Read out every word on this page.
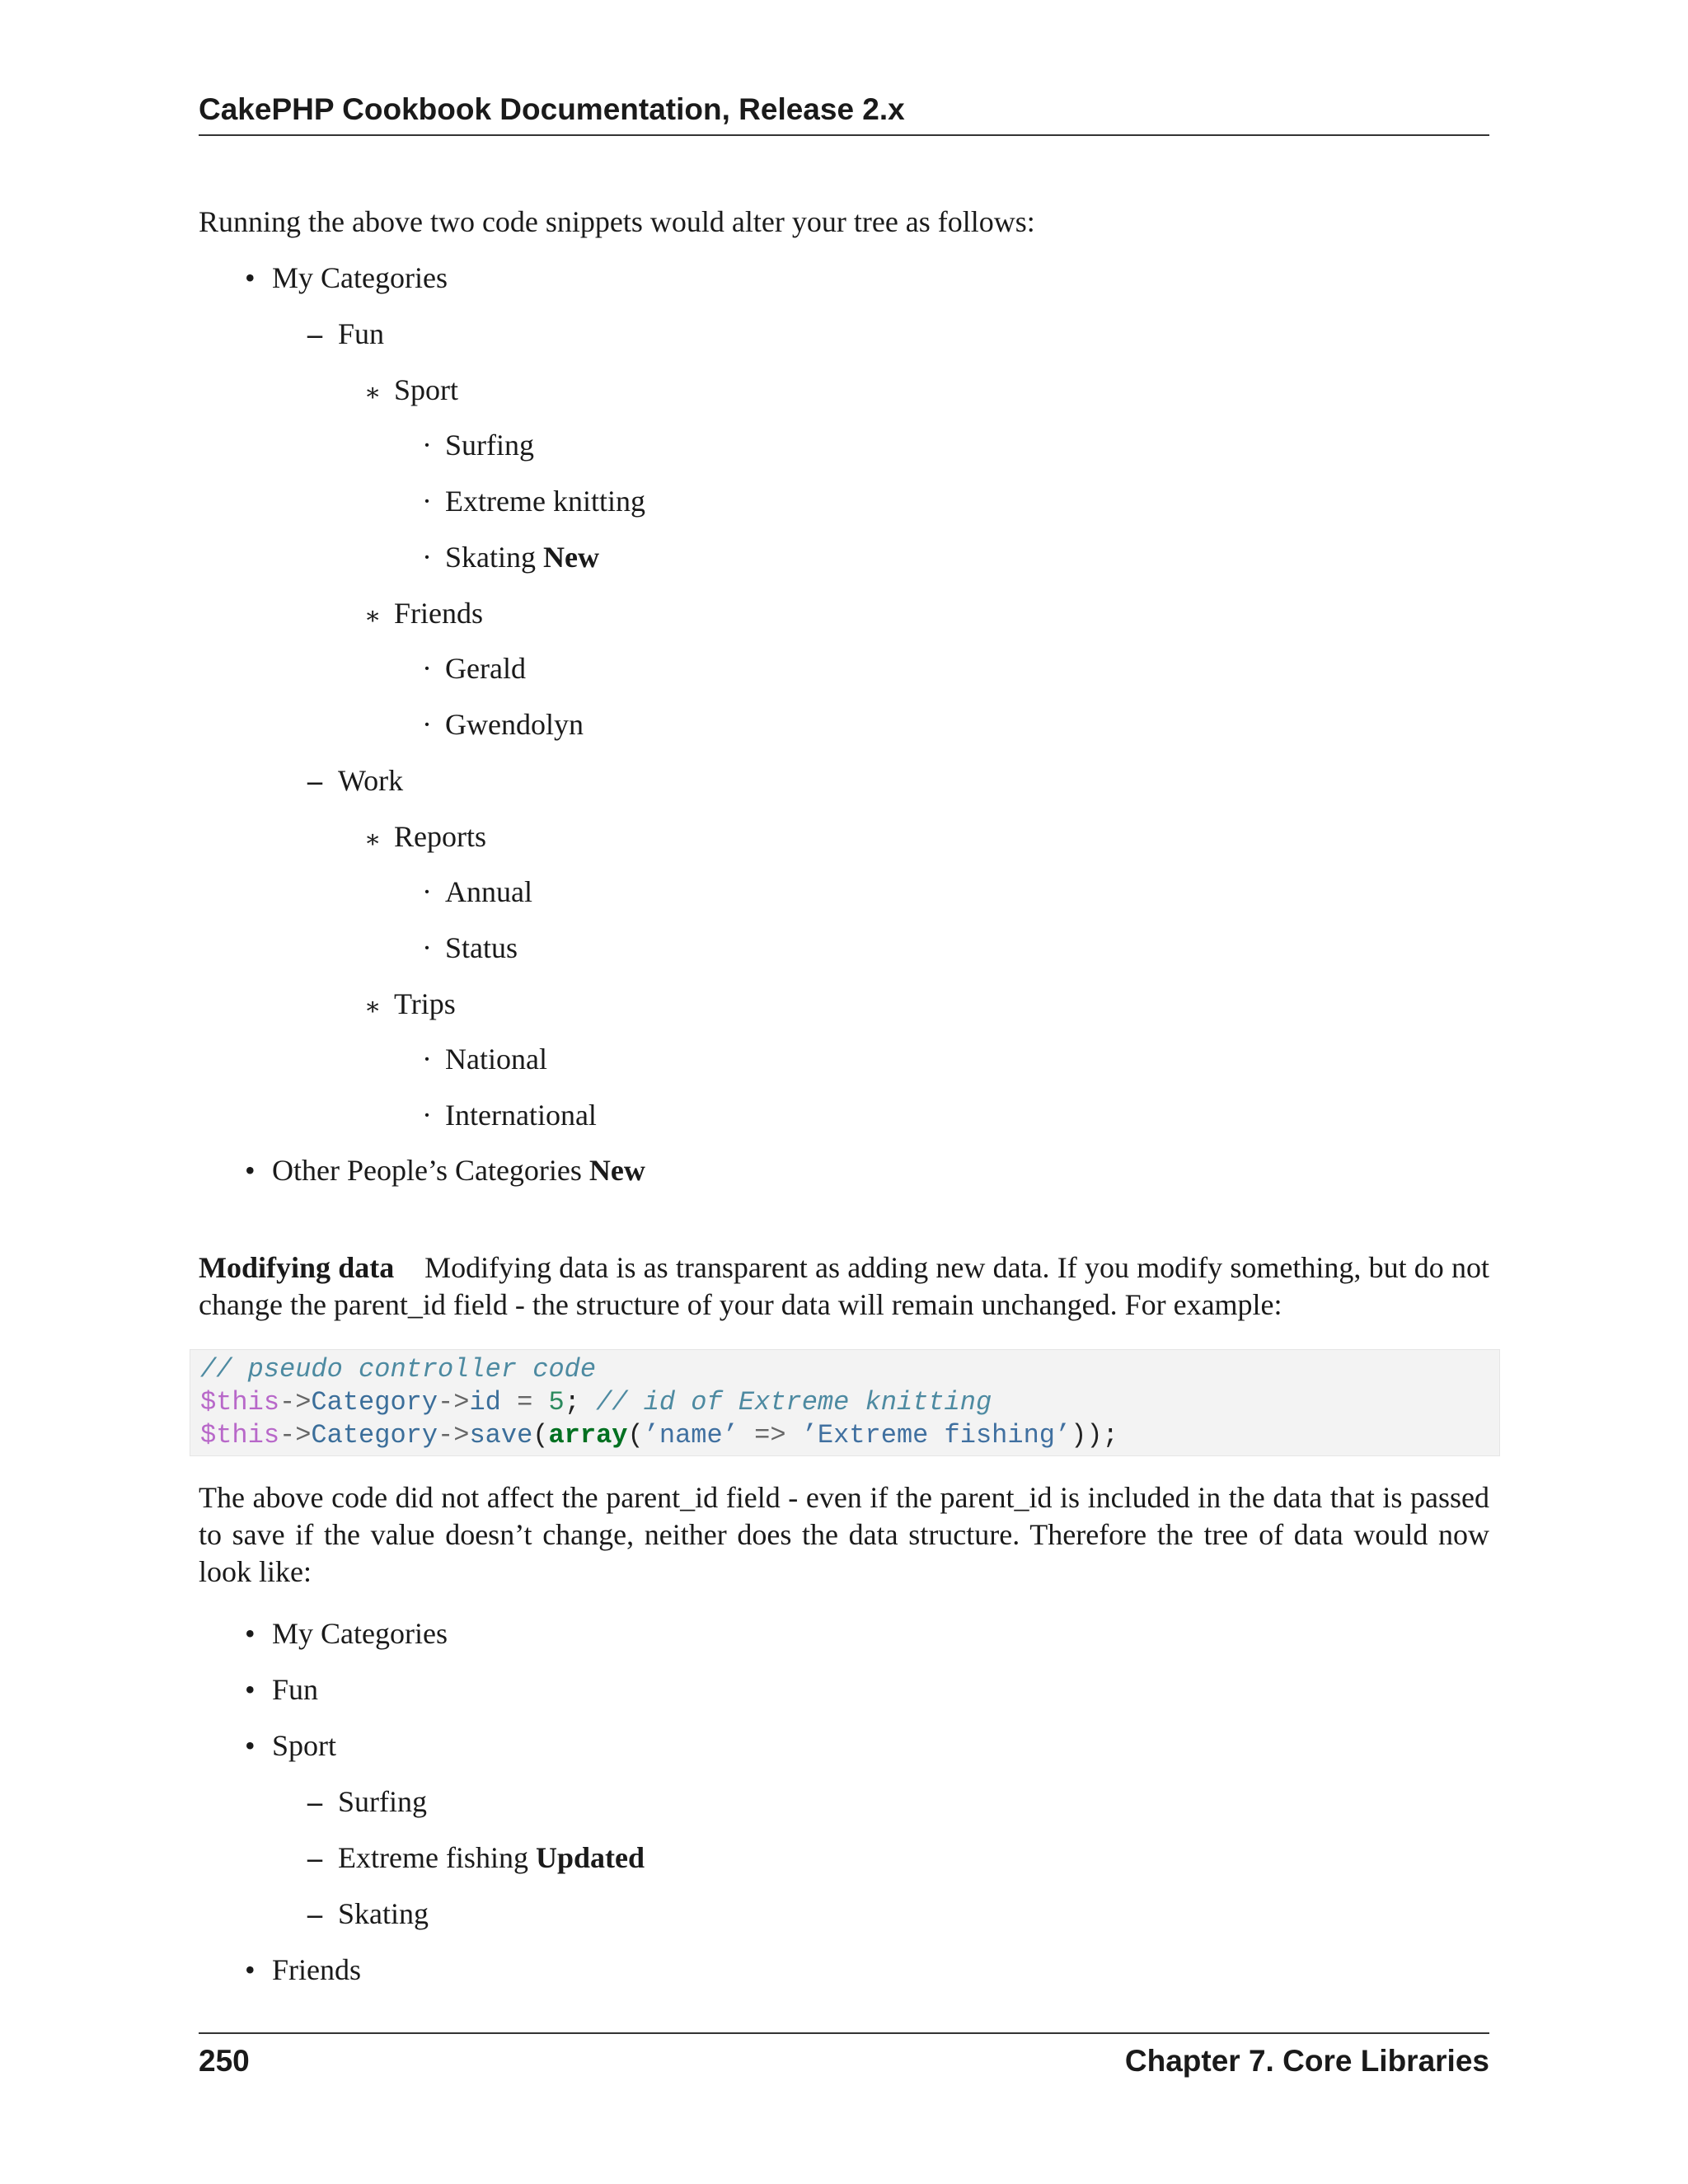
CakePHP Cookbook Documentation, Release 2.x
Running the above two code snippets would alter your tree as follows:
• My Categories
– Fun
∗ Sport
· Surfing
· Extreme knitting
· Skating New
∗ Friends
· Gerald
· Gwendolyn
– Work
∗ Reports
· Annual
· Status
∗ Trips
· National
· International
• Other People’s Categories New
Modifying data Modifying data is as transparent as adding new data. If you modify something, but do not change the parent_id field - the structure of your data will remain unchanged. For example:
// pseudo controller code
$this->Category->id = 5; // id of Extreme knitting
$this->Category->save(array(’name’ => ’Extreme fishing’));
The above code did not affect the parent_id field - even if the parent_id is included in the data that is passed to save if the value doesn’t change, neither does the data structure. Therefore the tree of data would now look like:
• My Categories
• Fun
• Sport
– Surfing
– Extreme fishing Updated
– Skating
• Friends
250	Chapter 7. Core Libraries
